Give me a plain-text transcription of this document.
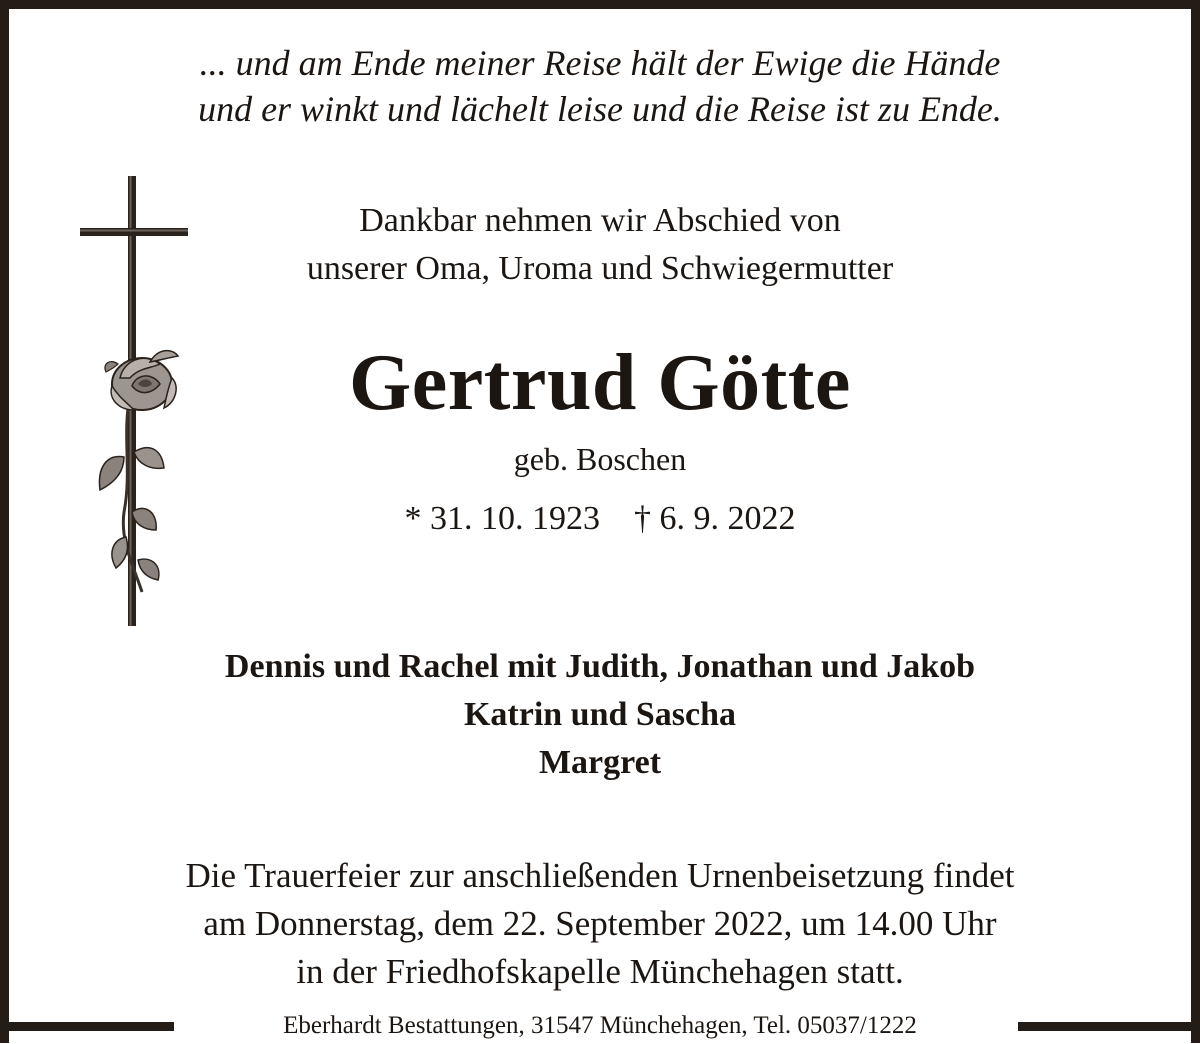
... und am Ende meiner Reise hält der Ewige die Hände
und er winkt und lächelt leise und die Reise ist zu Ende.
Dankbar nehmen wir Abschied von
unserer Oma, Uroma und Schwiegermutter
Gertrud Götte
geb. Boschen
* 31. 10. 1923 † 6. 9. 2022
Dennis und Rachel mit Judith, Jonathan und Jakob
Katrin und Sascha
Margret
Die Trauerfeier zur anschließenden Urnenbeisetzung findet
am Donnerstag, dem 22. September 2022, um 14.00 Uhr
in der Friedhofskapelle Münchehagen statt.
Eberhardt Bestattungen, 31547 Münchehagen, Tel. 05037/1222
